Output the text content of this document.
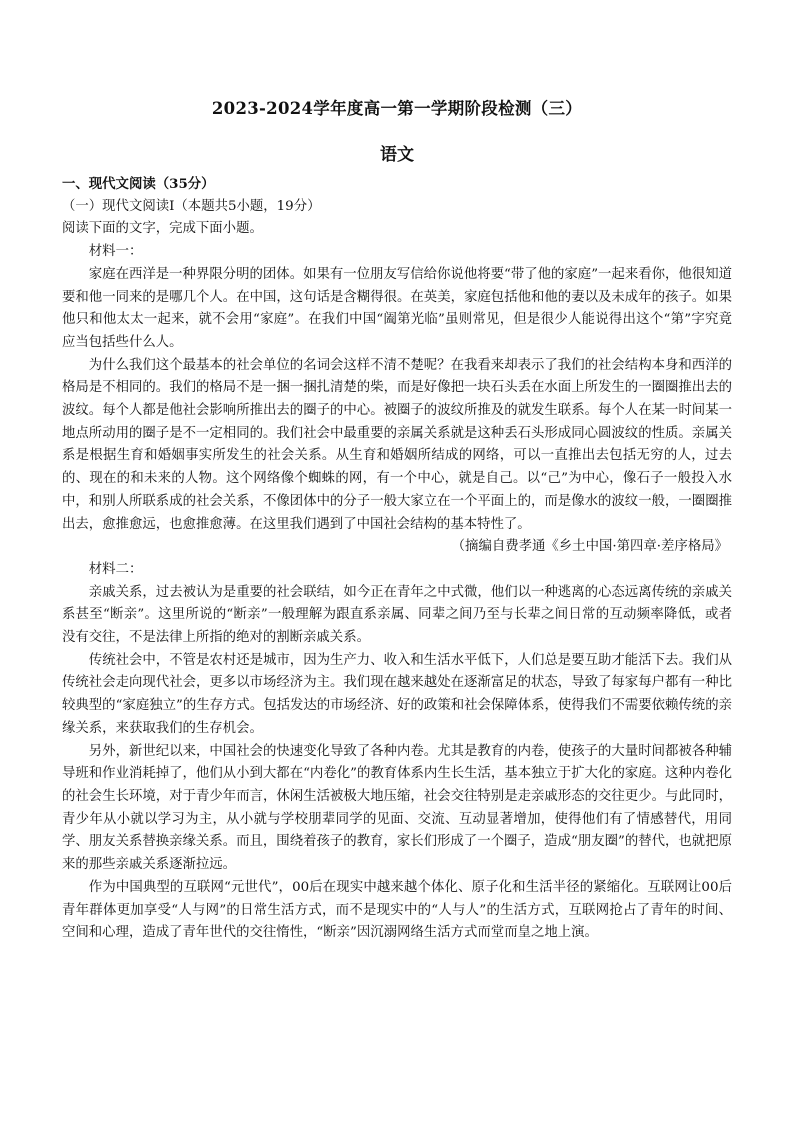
2023-2024学年度高一第一学期阶段检测（三）
语文

一、现代文阅读（35分）

（一）现代文阅读Ⅰ（本题共5小题，19分）

阅读下面的文字，完成下面小题。

材料一：

家庭在西洋是一种界限分明的团体。如果有一位朋友写信给你说他将要“带了他的家庭”一起来看你，他很知道要和他一同来的是哪几个人。在中国，这句话是含糊得很。在英美，家庭包括他和他的妻以及未成年的孩子。如果他只和他太太一起来，就不会用“家庭”。在我们中国“阖第光临”虽则常见，但是很少人能说得出这个“第”字究竟应当包括些什么人。

为什么我们这个最基本的社会单位的名词会这样不清不楚呢？在我看来却表示了我们的社会结构本身和西洋的格局是不相同的。我们的格局不是一捆一捆扎清楚的柴，而是好像把一块石头丢在水面上所发生的一圈圈推出去的波纹。每个人都是他社会影响所推出去的圈子的中心。被圈子的波纹所推及的就发生联系。每个人在某一时间某一地点所动用的圈子是不一定相同的。我们社会中最重要的亲属关系就是这种丢石头形成同心圆波纹的性质。亲属关系是根据生育和婚姻事实所发生的社会关系。从生育和婚姻所结成的网络，可以一直推出去包括无穷的人，过去的、现在的和未来的人物。这个网络像个蜘蛛的网，有一个中心，就是自己。以“己”为中心，像石子一般投入水中，和别人所联系成的社会关系，不像团体中的分子一般大家立在一个平面上的，而是像水的波纹一般，一圈圈推出去，愈推愈远，也愈推愈薄。在这里我们遇到了中国社会结构的基本特性了。

（摘编自费孝通《乡土中国·第四章·差序格局》

材料二：

亲戚关系，过去被认为是重要的社会联结，如今正在青年之中式微，他们以一种逃离的心态远离传统的亲戚关系甚至“断亲”。这里所说的“断亲”一般理解为跟直系亲属、同辈之间乃至与长辈之间日常的互动频率降低，或者没有交往，不是法律上所指的绝对的割断亲戚关系。

传统社会中，不管是农村还是城市，因为生产力、收入和生活水平低下，人们总是要互助才能活下去。我们从传统社会走向现代社会，更多以市场经济为主。我们现在越来越处在逐渐富足的状态，导致了每家每户都有一种比较典型的“家庭独立”的生存方式。包括发达的市场经济、好的政策和社会保障体系，使得我们不需要依赖传统的亲缘关系，来获取我们的生存机会。

另外，新世纪以来，中国社会的快速变化导致了各种内卷。尤其是教育的内卷，使孩子的大量时间都被各种辅导班和作业消耗掉了，他们从小到大都在“内卷化”的教育体系内生长生活，基本独立于扩大化的家庭。这种内卷化的社会生长环境，对于青少年而言，休闲生活被极大地压缩，社会交往特别是走亲戚形态的交往更少。与此同时，青少年从小就以学习为主，从小就与学校朋辈同学的见面、交流、互动显著增加，使得他们有了情感替代，用同学、朋友关系替换亲缘关系。而且，围绕着孩子的教育，家长们形成了一个圈子，造成“朋友圈”的替代，也就把原来的那些亲戚关系逐渐拉远。

作为中国典型的互联网“元世代”，00后在现实中越来越个体化、原子化和生活半径的紧缩化。互联网让00后青年群体更加享受“人与网”的日常生活方式，而不是现实中的“人与人”的生活方式，互联网抢占了青年的时间、空间和心理，造成了青年世代的交往惰性，“断亲”因沉溺网络生活方式而堂而皇之地上演。
